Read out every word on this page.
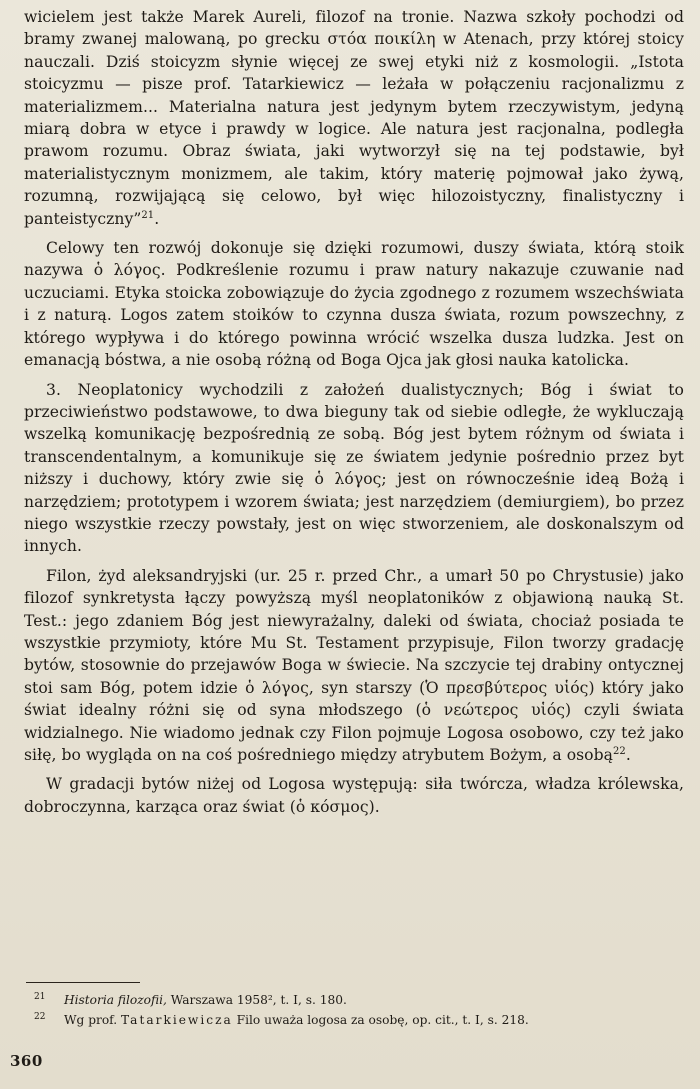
wicielem jest także Marek Aureli, filozof na tronie. Nazwa szkoły pochodzi od bramy zwanej malowaną, po grecku στόα ποικίλη w Atenach, przy której stoicy nauczali. Dziś stoicyzm słynie więcej ze swej etyki niż z kosmologii. „Istota stoicyzmu — pisze prof. Tatarkiewicz — leżała w połączeniu racjonalizmu z materializmem... Materialna natura jest jedynym bytem rzeczywistym, jedyną miarą dobra w etyce i prawdy w logice. Ale natura jest racjonalna, podległa prawom rozumu. Obraz świata, jaki wytworzył się na tej podstawie, był materialistycznym monizmem, ale takim, który materię pojmował jako żywą, rozumną, rozwijającą się celowo, był więc hilozoistyczny, finalistyczny i panteistyczny”$^{21}$.

Celowy ten rozwój dokonuje się dzięki rozumowi, duszy świata, którą stoik nazywa ὁ λόγος. Podkreślenie rozumu i praw natury nakazuje czuwanie nad uczuciami. Etyka stoicka zobowiązuje do życia zgodnego z rozumem wszechświata i z naturą. Logos zatem stoików to czynna dusza świata, rozum powszechny, z którego wypływa i do którego powinna wrócić wszelka dusza ludzka. Jest on emanacją bóstwa, a nie osobą różną od Boga Ojca jak głosi nauka katolicka.

3. Neoplatonicy wychodzili z założeń dualistycznych; Bóg i świat to przeciwieństwo podstawowe, to dwa bieguny tak od siebie odległe, że wykluczają wszelką komunikację bezpośrednią ze sobą. Bóg jest bytem różnym od świata i transcendentalnym, a komunikuje się ze światem jedynie pośrednio przez byt niższy i duchowy, który zwie się ὁ λόγος; jest on równocześnie ideą Bożą i narzędziem; prototypem i wzorem świata; jest narzędziem (demiurgiem), bo przez niego wszystkie rzeczy powstały, jest on więc stworzeniem, ale doskonalszym od innych.

Filon, żyd aleksandryjski (ur. 25 r. przed Chr., a umarł 50 po Chrystusie) jako filozof synkretysta łączy powyższą myśl neoplatoników z objawioną nauką St. Test.: jego zdaniem Bóg jest niewyrażalny, daleki od świata, chociaż posiada te wszystkie przymioty, które Mu St. Testament przypisuje, Filon tworzy gradację bytów, stosownie do przejawów Boga w świecie. Na szczycie tej drabiny ontycznej stoi sam Bóg, potem idzie ὁ λόγος, syn starszy (Ὁ πρεσβύτερος υἱός) który jako świat idealny różni się od syna młodszego (ὁ νεώτερος υἱός) czyli świata widzialnego. Nie wiadomo jednak czy Filon pojmuje Logosa osobowo, czy też jako siłę, bo wygląda on na coś pośredniego między atrybutem Bożym, a osobą$^{22}$.

W gradacji bytów niżej od Logosa występują: siła twórcza, władza królewska, dobroczynna, karząca oraz świat (ὁ κόσμος).

21	Historia filozofii, Warszawa 1958², t. I, s. 180.
22	Wg prof. Tatarkiewicza Filo uważa logosa za osobę, op. cit., t. I, s. 218.
360
